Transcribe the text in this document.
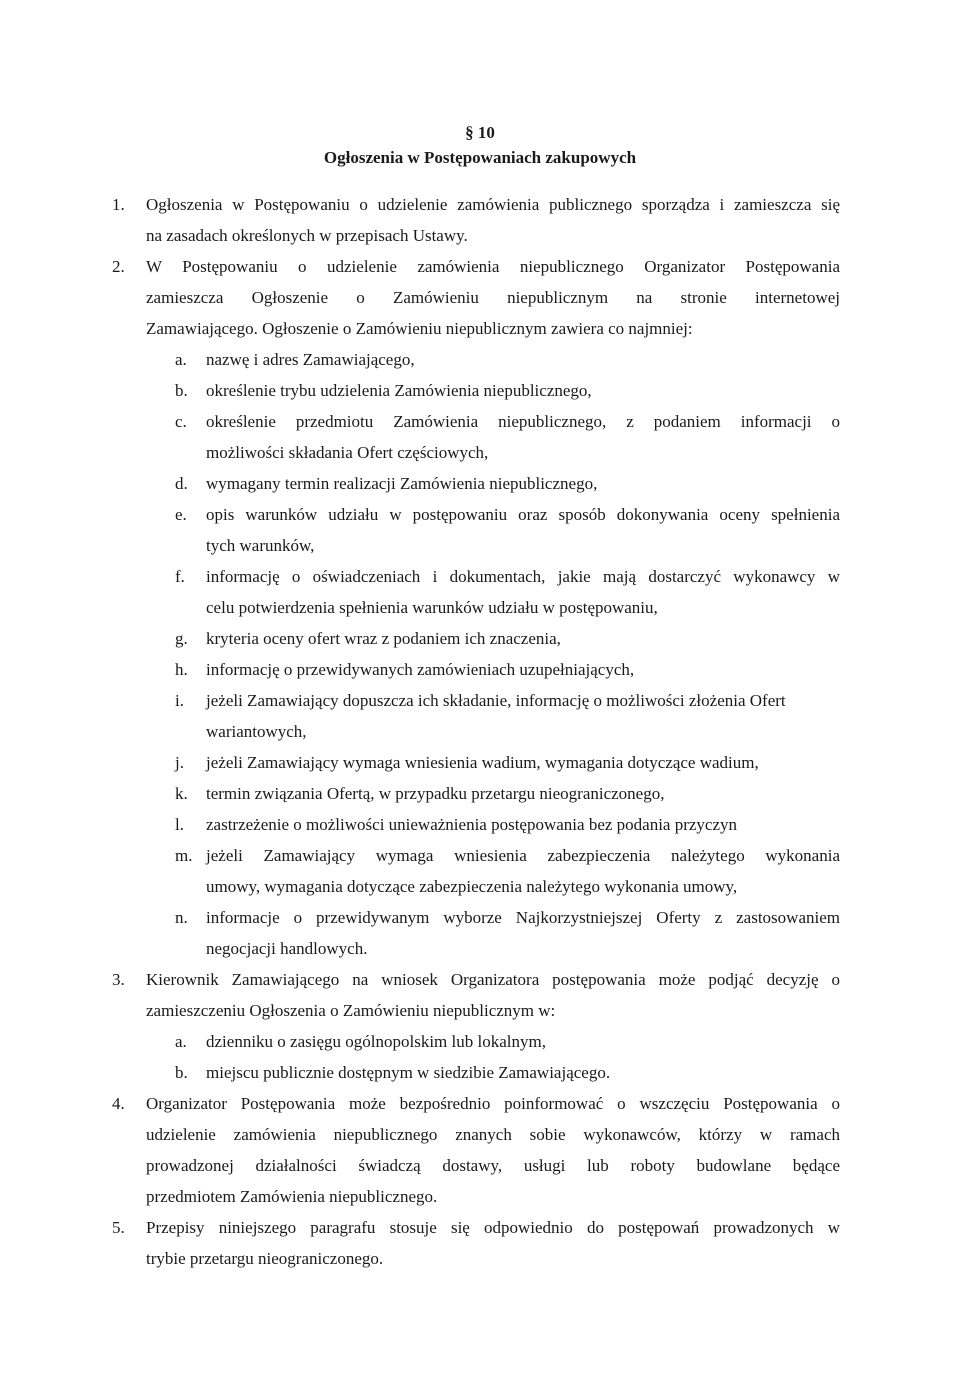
§ 10
Ogłoszenia w Postępowaniach zakupowych
1. Ogłoszenia w Postępowaniu o udzielenie zamówienia publicznego sporządza i zamieszcza się
na zasadach określonych w przepisach Ustawy.
2. W Postępowaniu o udzielenie zamówienia niepublicznego Organizator Postępowania
zamieszcza Ogłoszenie o Zamówieniu niepublicznym na stronie internetowej
Zamawiającego. Ogłoszenie o Zamówieniu niepublicznym zawiera co najmniej:
a. nazwę i adres Zamawiającego,
b. określenie trybu udzielenia Zamówienia niepublicznego,
c. określenie przedmiotu Zamówienia niepublicznego, z podaniem informacji o
możliwości składania Ofert częściowych,
d. wymagany termin realizacji Zamówienia niepublicznego,
e. opis warunków udziału w postępowaniu oraz sposób dokonywania oceny spełnienia
tych warunków,
f. informację o oświadczeniach i dokumentach, jakie mają dostarczyć wykonawcy w
celu potwierdzenia spełnienia warunków udziału w postępowaniu,
g. kryteria oceny ofert wraz z podaniem ich znaczenia,
h. informację o przewidywanych zamówieniach uzupełniających,
i. jeżeli Zamawiający dopuszcza ich składanie, informację o możliwości złożenia Ofert
wariantowych,
j. jeżeli Zamawiający wymaga wniesienia wadium, wymagania dotyczące wadium,
k. termin związania Ofertą, w przypadku przetargu nieograniczonego,
l. zastrzeżenie o możliwości unieważnienia postępowania bez podania przyczyn
m. jeżeli Zamawiający wymaga wniesienia zabezpieczenia należytego wykonania
umowy, wymagania dotyczące zabezpieczenia należytego wykonania umowy,
n. informacje o przewidywanym wyborze Najkorzystniejszej Oferty z zastosowaniem
negocjacji handlowych.
3. Kierownik Zamawiającego na wniosek Organizatora postępowania może podjąć decyzję o
zamieszczeniu Ogłoszenia o Zamówieniu niepublicznym w:
a. dzienniku o zasięgu ogólnopolskim lub lokalnym,
b. miejscu publicznie dostępnym w siedzibie Zamawiającego.
4. Organizator Postępowania może bezpośrednio poinformować o wszczęciu Postępowania o
udzielenie zamówienia niepublicznego znanych sobie wykonawców, którzy w ramach
prowadzonej działalności świadczą dostawy, usługi lub roboty budowlane będące
przedmiotem Zamówienia niepublicznego.
5. Przepisy niniejszego paragrafu stosuje się odpowiednio do postępowań prowadzonych w
trybie przetargu nieograniczonego.
